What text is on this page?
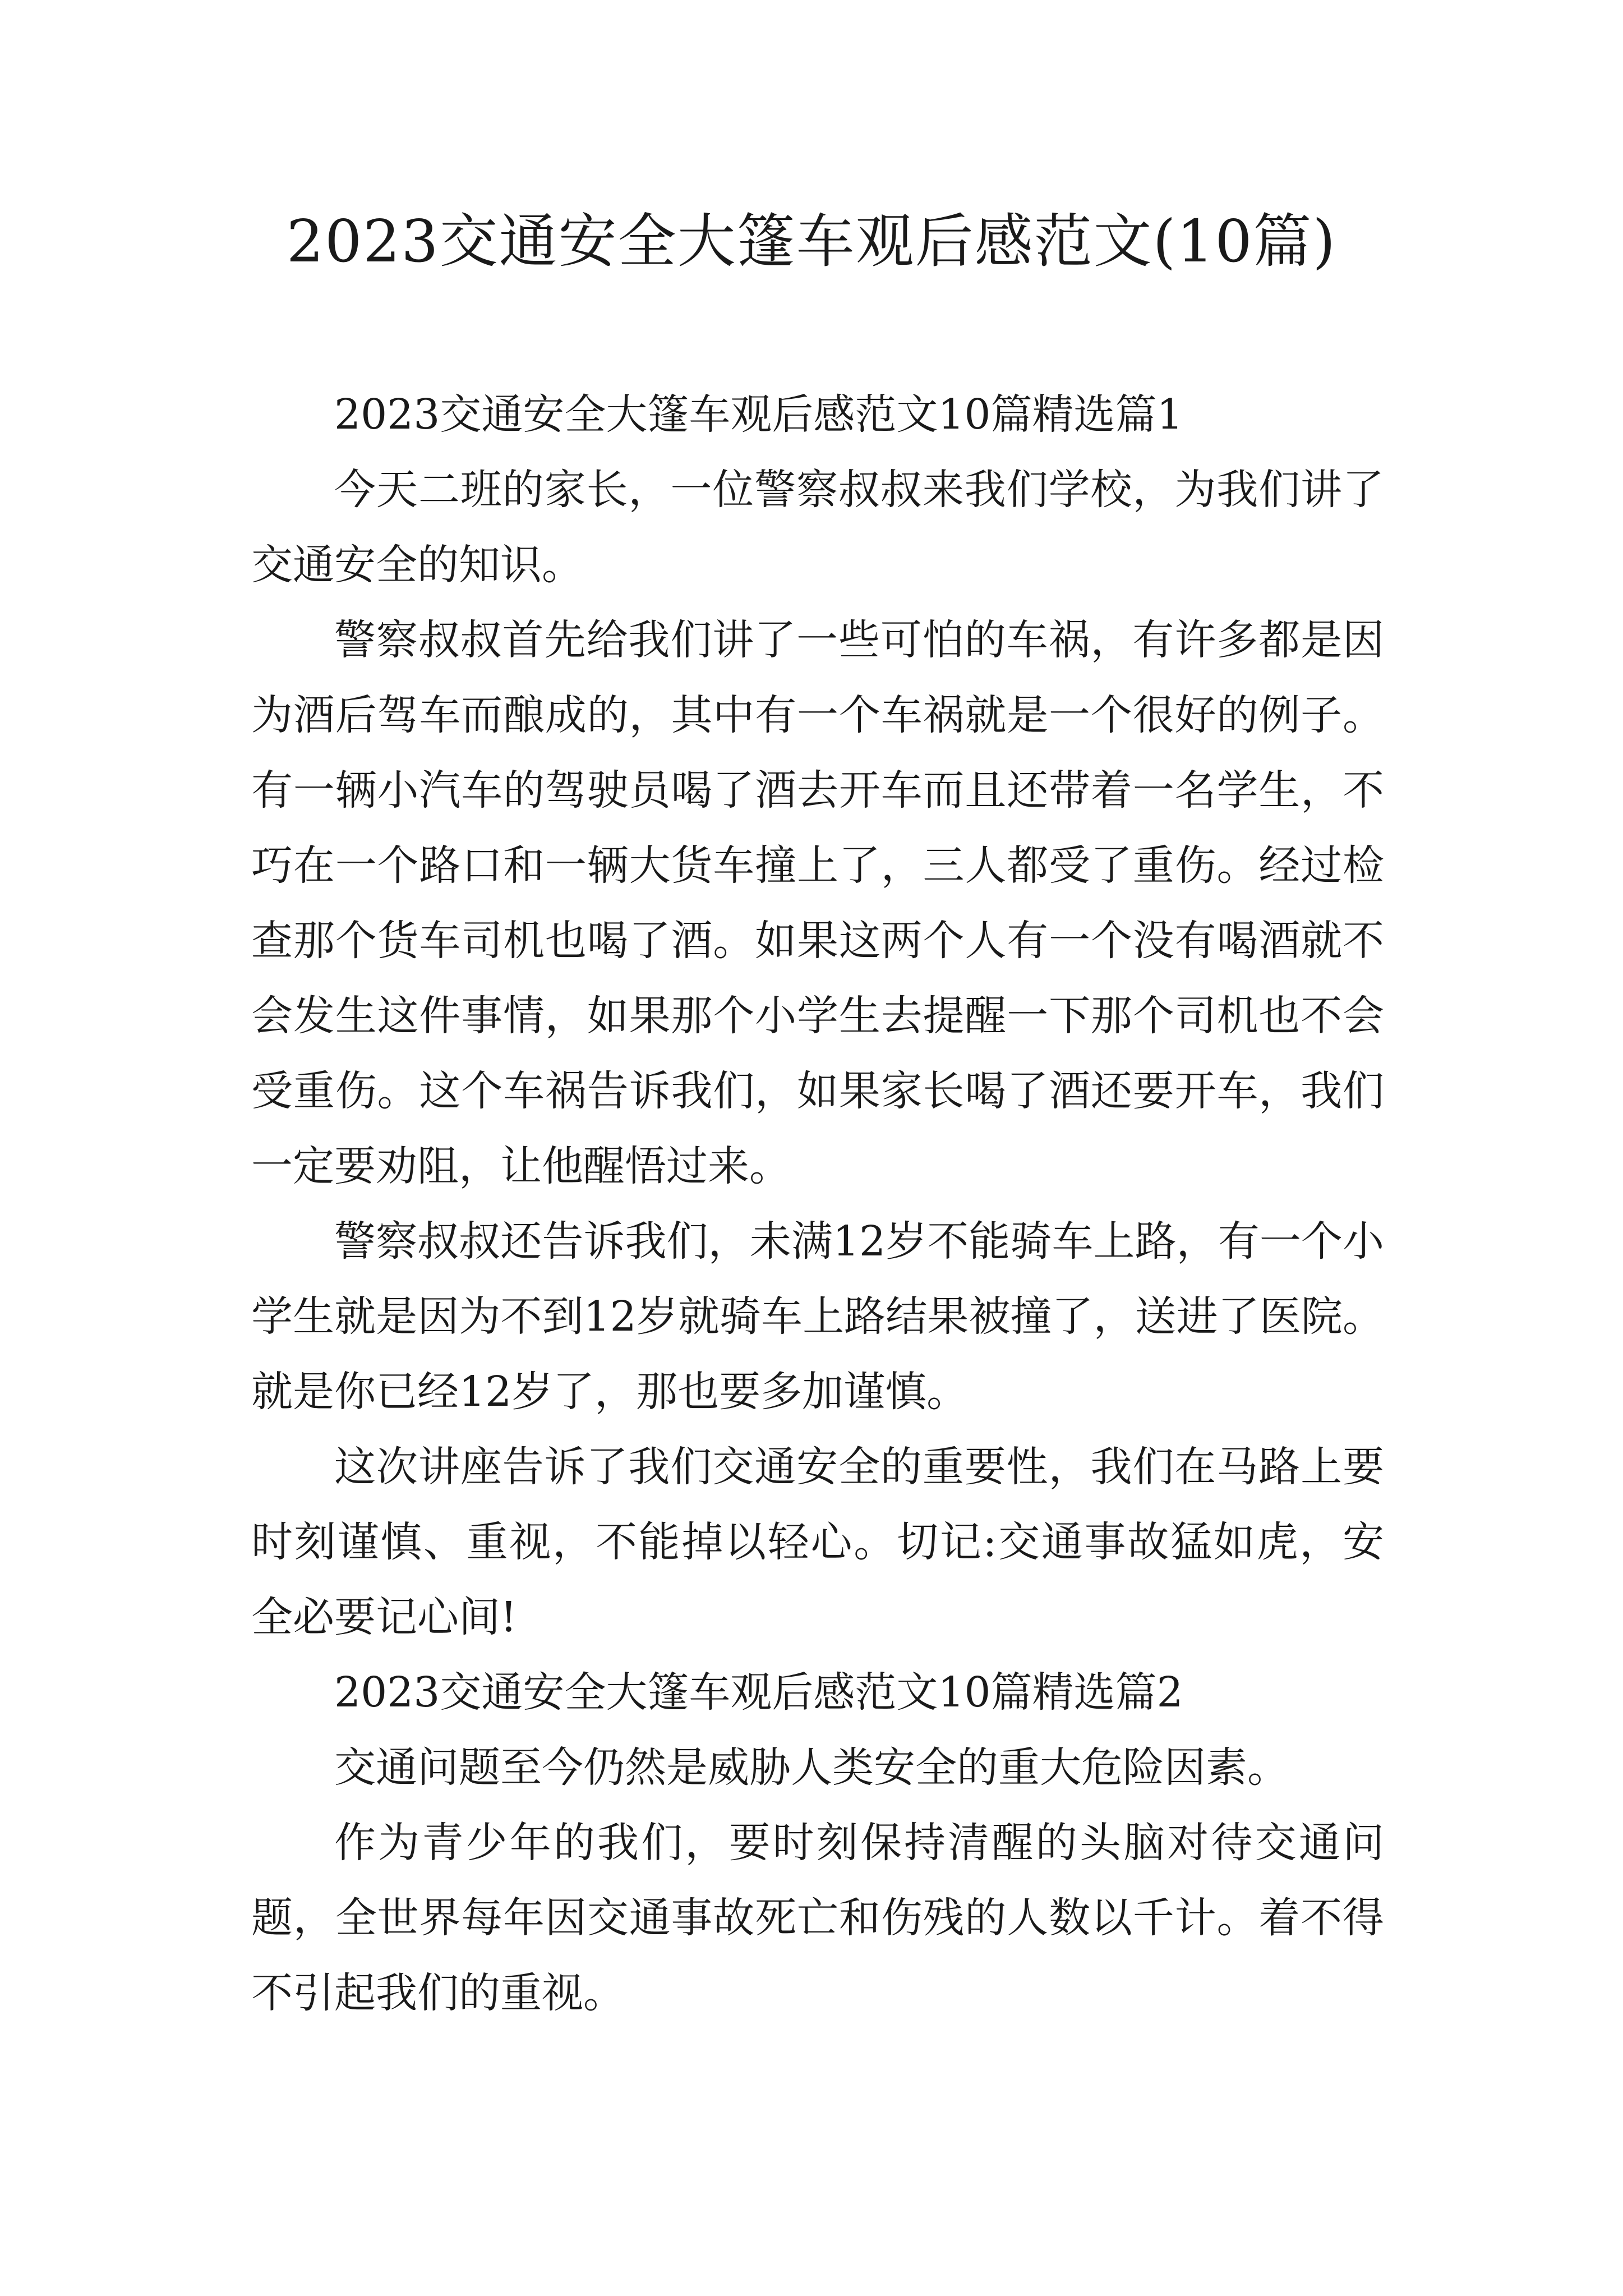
2023交通安全大篷车观后感范文(10篇)

2023交通安全大篷车观后感范文10篇精选篇1

今天二班的家长，一位警察叔叔来我们学校，为我们讲了交通安全的知识。

警察叔叔首先给我们讲了一些可怕的车祸，有许多都是因为酒后驾车而酿成的，其中有一个车祸就是一个很好的例子。有一辆小汽车的驾驶员喝了酒去开车而且还带着一名学生，不巧在一个路口和一辆大货车撞上了，三人都受了重伤。经过检查那个货车司机也喝了酒。如果这两个人有一个没有喝酒就不会发生这件事情，如果那个小学生去提醒一下那个司机也不会受重伤。这个车祸告诉我们，如果家长喝了酒还要开车，我们一定要劝阻，让他醒悟过来。

警察叔叔还告诉我们，未满12岁不能骑车上路，有一个小学生就是因为不到12岁就骑车上路结果被撞了，送进了医院。就是你已经12岁了，那也要多加谨慎。

这次讲座告诉了我们交通安全的重要性，我们在马路上要时刻谨慎、重视，不能掉以轻心。切记:交通事故猛如虎，安全必要记心间!

2023交通安全大篷车观后感范文10篇精选篇2

交通问题至今仍然是威胁人类安全的重大危险因素。

作为青少年的我们，要时刻保持清醒的头脑对待交通问题，全世界每年因交通事故死亡和伤残的人数以千计。着不得不引起我们的重视。
